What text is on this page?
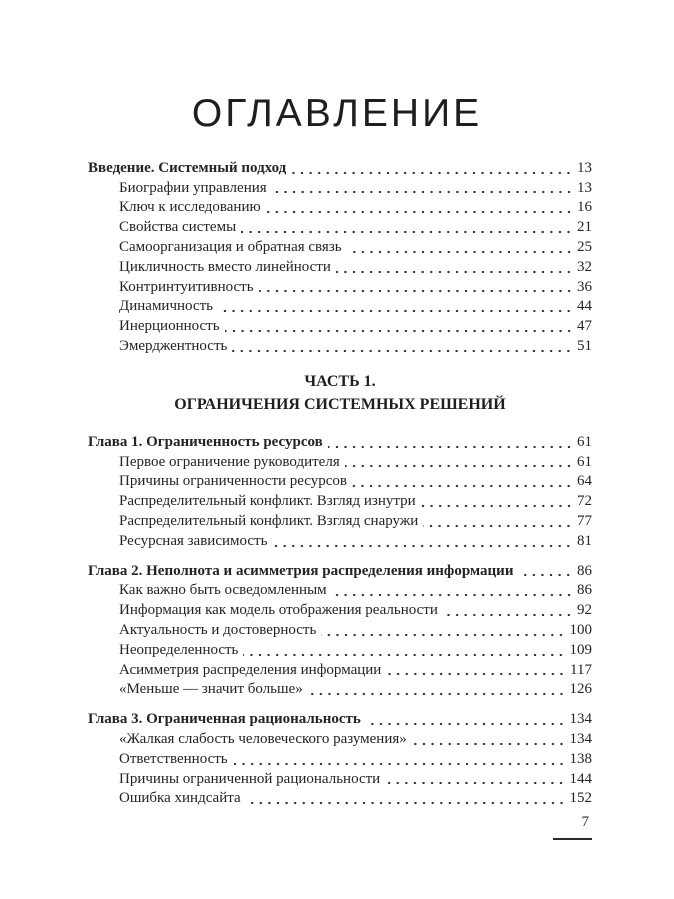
ОГЛАВЛЕНИЕ
Введение. Системный подход	13
Биографии управления	13
Ключ к исследованию	16
Свойства системы	21
Самоорганизация и обратная связь	25
Цикличность вместо линейности	32
Контринтуитивность	36
Динамичность	44
Инерционность	47
Эмерджентность	51
ЧАСТЬ 1.
ОГРАНИЧЕНИЯ СИСТЕМНЫХ РЕШЕНИЙ
Глава 1. Ограниченность ресурсов	61
Первое ограничение руководителя	61
Причины ограниченности ресурсов	64
Распределительный конфликт. Взгляд изнутри	72
Распределительный конфликт. Взгляд снаружи	77
Ресурсная зависимость	81
Глава 2. Неполнота и асимметрия распределения информации	86
Как важно быть осведомленным	86
Информация как модель отображения реальности	92
Актуальность и достоверность	100
Неопределенность	109
Асимметрия распределения информации	117
«Меньше — значит больше»	126
Глава 3. Ограниченная рациональность	134
«Жалкая слабость человеческого разумения»	134
Ответственность	138
Причины ограниченной рациональности	144
Ошибка хиндсайта	152
7
